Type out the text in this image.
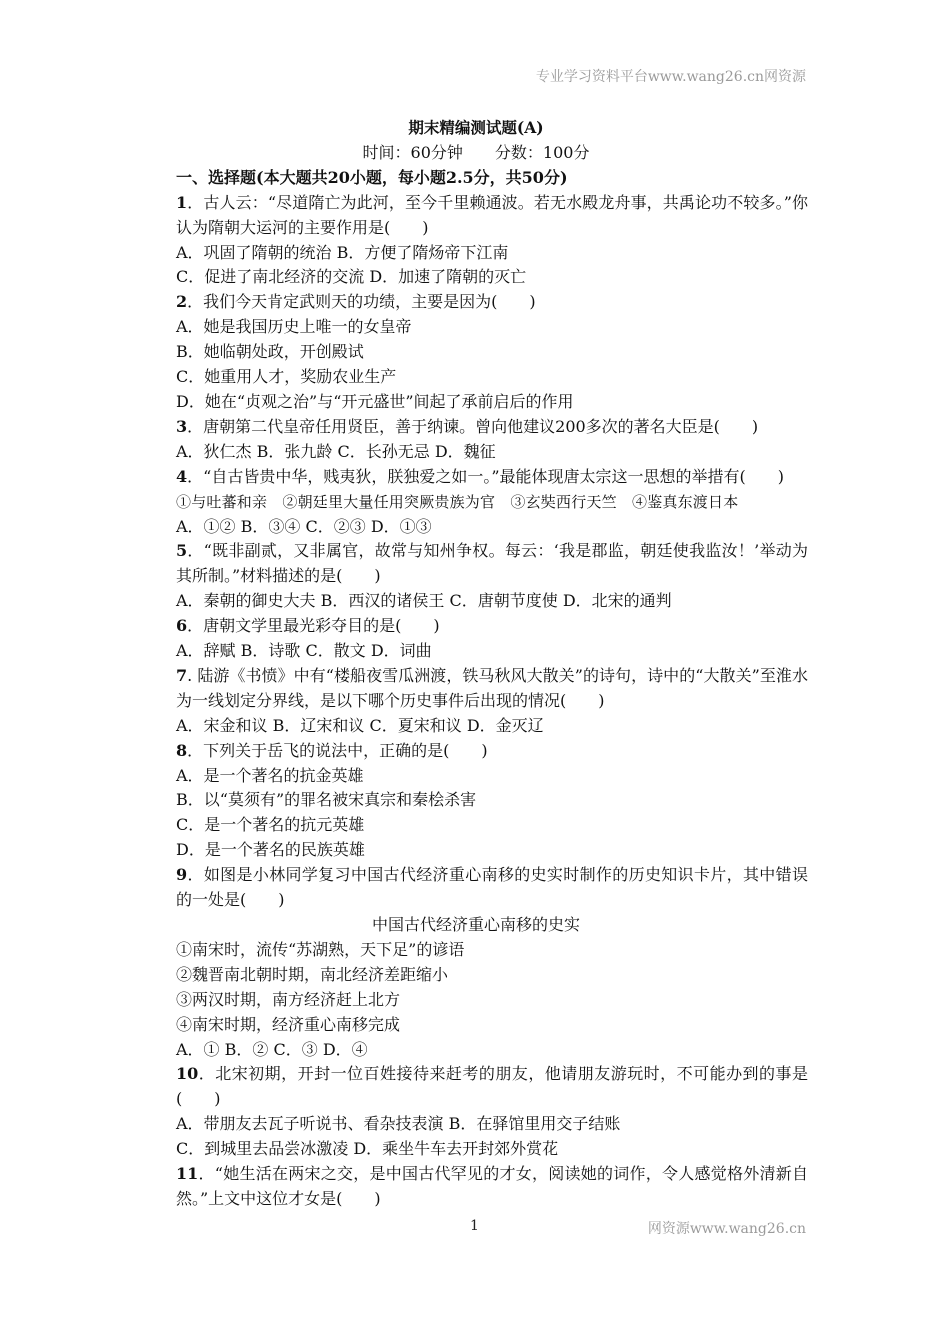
专业学习资料平台www.wang26.cn网资源
期末精编测试题(A)
时间：60分钟　　分数：100分
一、选择题(本大题共20小题，每小题2.5分，共50分)
1．古人云：“尽道隋亡为此河，至今千里赖通波。若无水殿龙舟事，共禹论功不较多。”你认为隋朝大运河的主要作用是(　　)
A．巩固了隋朝的统治 B．方便了隋炀帝下江南
C．促进了南北经济的交流 D．加速了隋朝的灭亡
2．我们今天肯定武则天的功绩，主要是因为(　　)
A．她是我国历史上唯一的女皇帝
B．她临朝处政，开创殿试
C．她重用人才，奖励农业生产
D．她在“贞观之治”与“开元盛世”间起了承前启后的作用
3．唐朝第二代皇帝任用贤臣，善于纳谏。曾向他建议200多次的著名大臣是(　　)
A．狄仁杰 B．张九龄 C．长孙无忌 D．魏征
4．“自古皆贵中华，贱夷狄，朕独爱之如一。”最能体现唐太宗这一思想的举措有(　　)
①与吐蕃和亲　②朝廷里大量任用突厥贵族为官　③玄奘西行天竺　④鉴真东渡日本
A．①② B．③④ C．②③ D．①③
5．“既非副贰，又非属官，故常与知州争权。每云：‘我是郡监，朝廷使我监汝！’举动为其所制。”材料描述的是(　　)
A．秦朝的御史大夫 B．西汉的诸侯王 C．唐朝节度使 D．北宋的通判
6．唐朝文学里最光彩夺目的是(　　)
A．辞赋 B．诗歌 C．散文 D．词曲
7. 陆游《书愤》中有“楼船夜雪瓜洲渡，铁马秋风大散关”的诗句，诗中的“大散关”至淮水为一线划定分界线，是以下哪个历史事件后出现的情况(　　)
A．宋金和议 B．辽宋和议 C．夏宋和议 D．金灭辽
8．下列关于岳飞的说法中，正确的是(　　)
A．是一个著名的抗金英雄
B．以“莫须有”的罪名被宋真宗和秦桧杀害
C．是一个著名的抗元英雄
D．是一个著名的民族英雄
9．如图是小林同学复习中国古代经济重心南移的史实时制作的历史知识卡片，其中错误的一处是(　　)
中国古代经济重心南移的史实
①南宋时，流传“苏湖熟，天下足”的谚语
②魏晋南北朝时期，南北经济差距缩小
③两汉时期，南方经济赶上北方
④南宋时期，经济重心南移完成
A．① B．② C．③ D．④
10．北宋初期，开封一位百姓接待来赶考的朋友，他请朋友游玩时，不可能办到的事是(　　)
A．带朋友去瓦子听说书、看杂技表演 B．在驿馆里用交子结账
C．到城里去品尝冰激凌 D．乘坐牛车去开封郊外赏花
11．“她生活在两宋之交，是中国古代罕见的才女，阅读她的词作，令人感觉格外清新自然。”上文中这位才女是(　　)
1	网资源www.wang26.cn
